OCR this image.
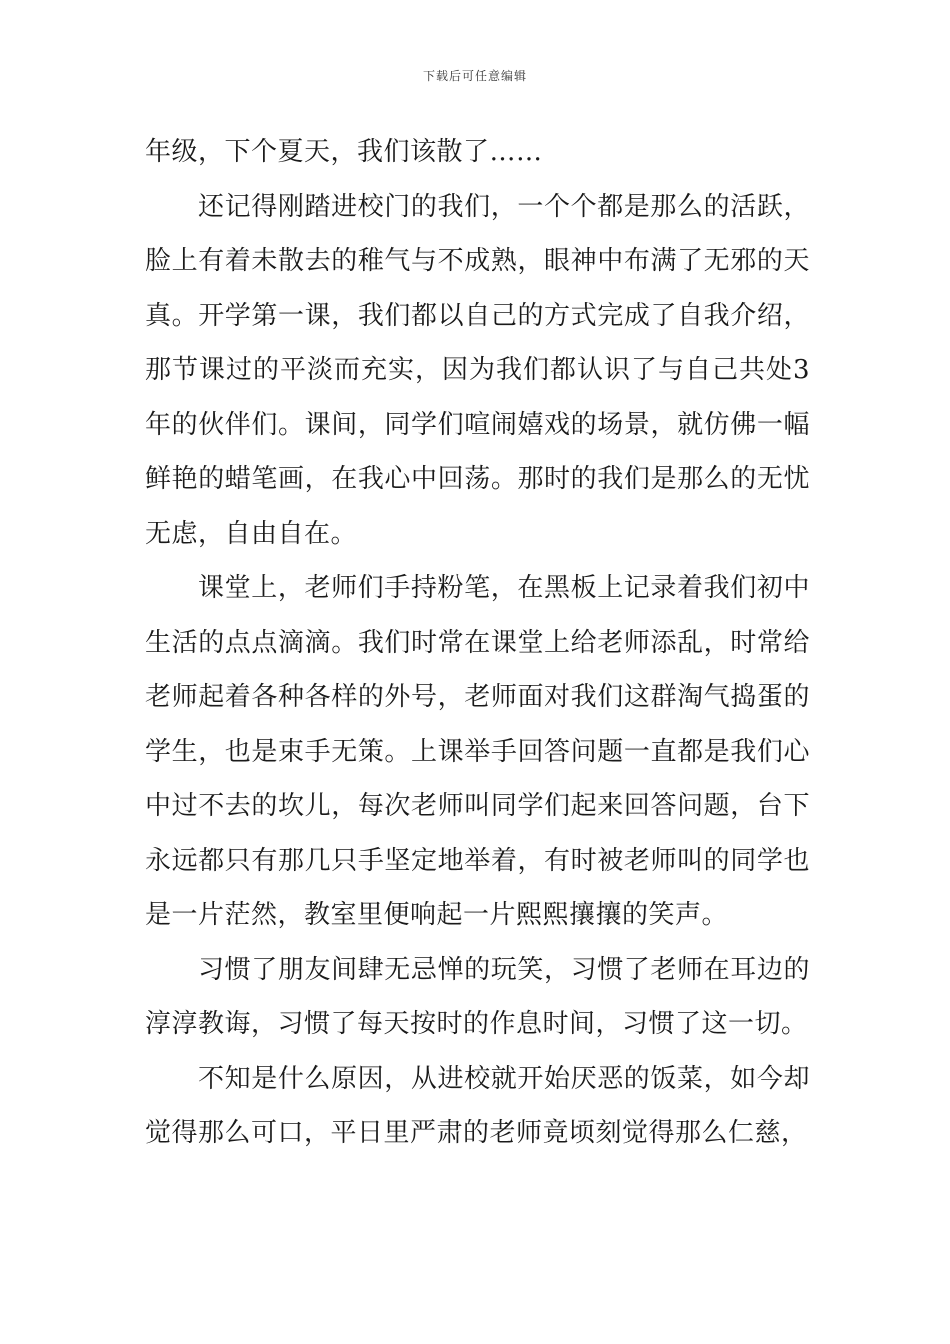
下载后可任意编辑

年级，下个夏天，我们该散了……

还记得刚踏进校门的我们，一个个都是那么的活跃，脸上有着未散去的稚气与不成熟，眼神中布满了无邪的天真。开学第一课，我们都以自己的方式完成了自我介绍，那节课过的平淡而充实，因为我们都认识了与自己共处3年的伙伴们。课间，同学们喧闹嬉戏的场景，就仿佛一幅鲜艳的蜡笔画，在我心中回荡。那时的我们是那么的无忧无虑，自由自在。

课堂上，老师们手持粉笔，在黑板上记录着我们初中生活的点点滴滴。我们时常在课堂上给老师添乱，时常给老师起着各种各样的外号，老师面对我们这群淘气捣蛋的学生，也是束手无策。上课举手回答问题一直都是我们心中过不去的坎儿，每次老师叫同学们起来回答问题，台下永远都只有那几只手坚定地举着，有时被老师叫的同学也是一片茫然，教室里便响起一片熙熙攘攘的笑声。

习惯了朋友间肆无忌惮的玩笑，习惯了老师在耳边的淳淳教诲，习惯了每天按时的作息时间，习惯了这一切。

不知是什么原因，从进校就开始厌恶的饭菜，如今却觉得那么可口，平日里严肃的老师竟顷刻觉得那么仁慈，
